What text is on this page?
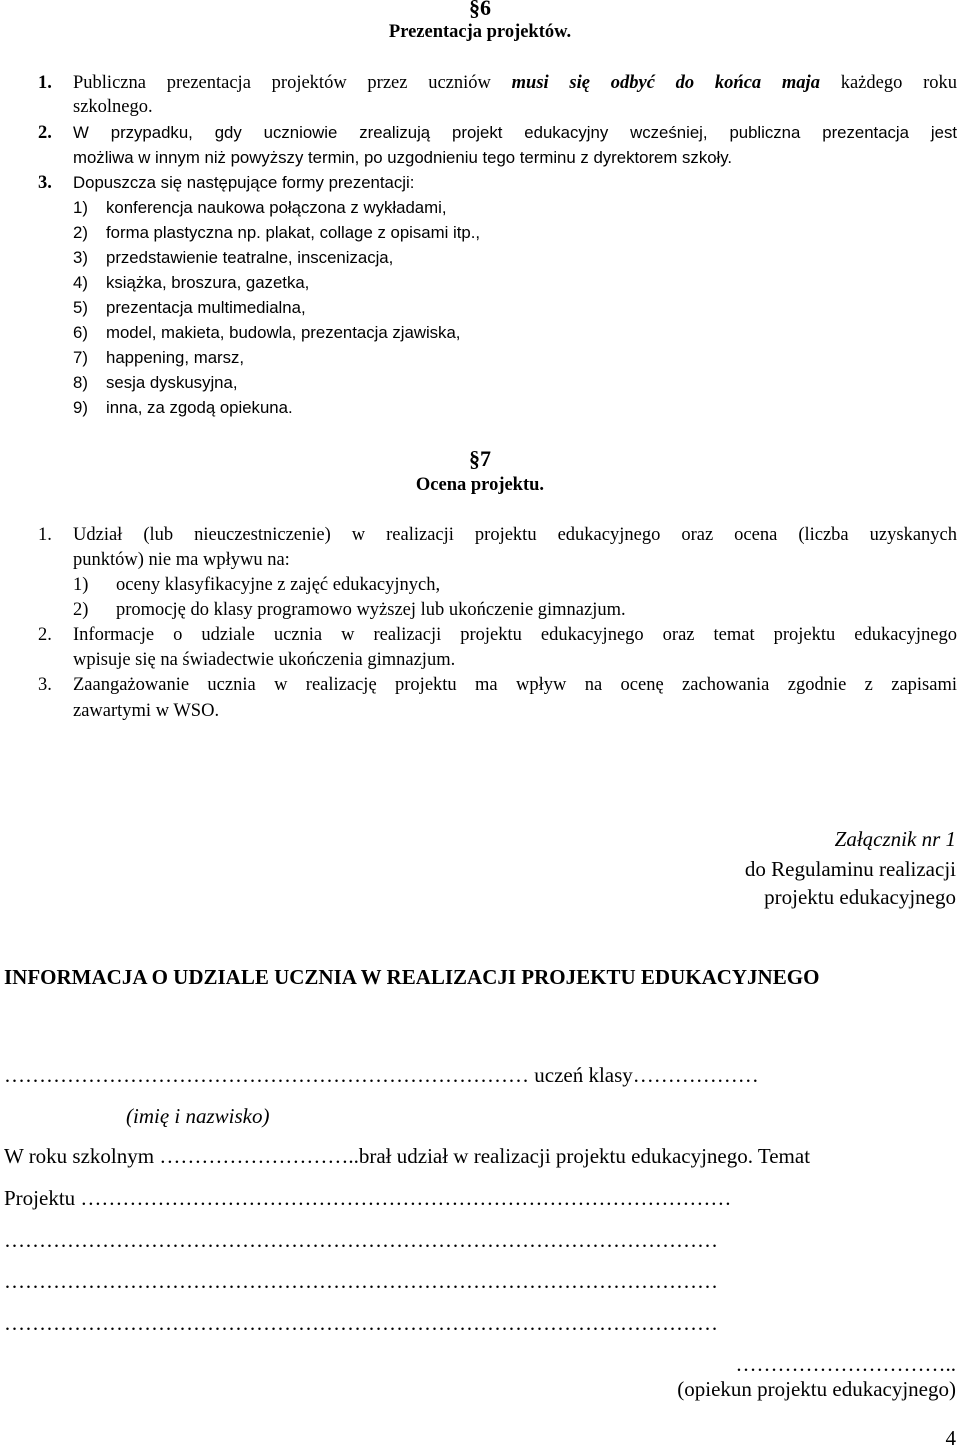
§6
Prezentacja projektów.
1. Publiczna prezentacja projektów przez uczniów musi się odbyć do końca maja każdego roku
szkolnego.
2. W przypadku, gdy uczniowie zrealizują projekt edukacyjny wcześniej, publiczna prezentacja jest
możliwa w innym niż powyższy termin, po uzgodnieniu tego terminu z dyrektorem szkoły.
3. Dopuszcza się następujące formy prezentacji:
1) konferencja naukowa połączona z wykładami,
2) forma plastyczna np. plakat, collage z opisami itp.,
3) przedstawienie teatralne, inscenizacja,
4) książka, broszura, gazetka,
5) prezentacja multimedialna,
6) model, makieta, budowla, prezentacja zjawiska,
7) happening, marsz,
8) sesja dyskusyjna,
9) inna, za zgodą opiekuna.
§7
Ocena projektu.
1. Udział (lub nieuczestniczenie) w realizacji projektu edukacyjnego oraz ocena (liczba uzyskanych
punktów) nie ma wpływu na:
1) oceny klasyfikacyjne z zajęć edukacyjnych,
2) promocję do klasy programowo wyższej lub ukończenie gimnazjum.
2. Informacje o udziale ucznia w realizacji projektu edukacyjnego oraz temat projektu edukacyjnego
wpisuje się na świadectwie ukończenia gimnazjum.
3. Zaangażowanie ucznia w realizację projektu ma wpływ na ocenę zachowania zgodnie z zapisami
zawartymi w WSO.
Załącznik nr 1
do Regulaminu realizacji
projektu edukacyjnego
INFORMACJA O UDZIALE UCZNIA W REALIZACJI PROJEKTU EDUKACYJNEGO
………………………………………………………………… uczeń klasy………………
(imię i nazwisko)
W roku szkolnym ………………………..brał udział w realizacji projektu edukacyjnego. Temat
Projektu …………………………………………………………………………………
…………………………………………………………………………………………
…………………………………………………………………………………………
…………………………………………………………………………………………
…………………………..
(opiekun projektu edukacyjnego)
4
